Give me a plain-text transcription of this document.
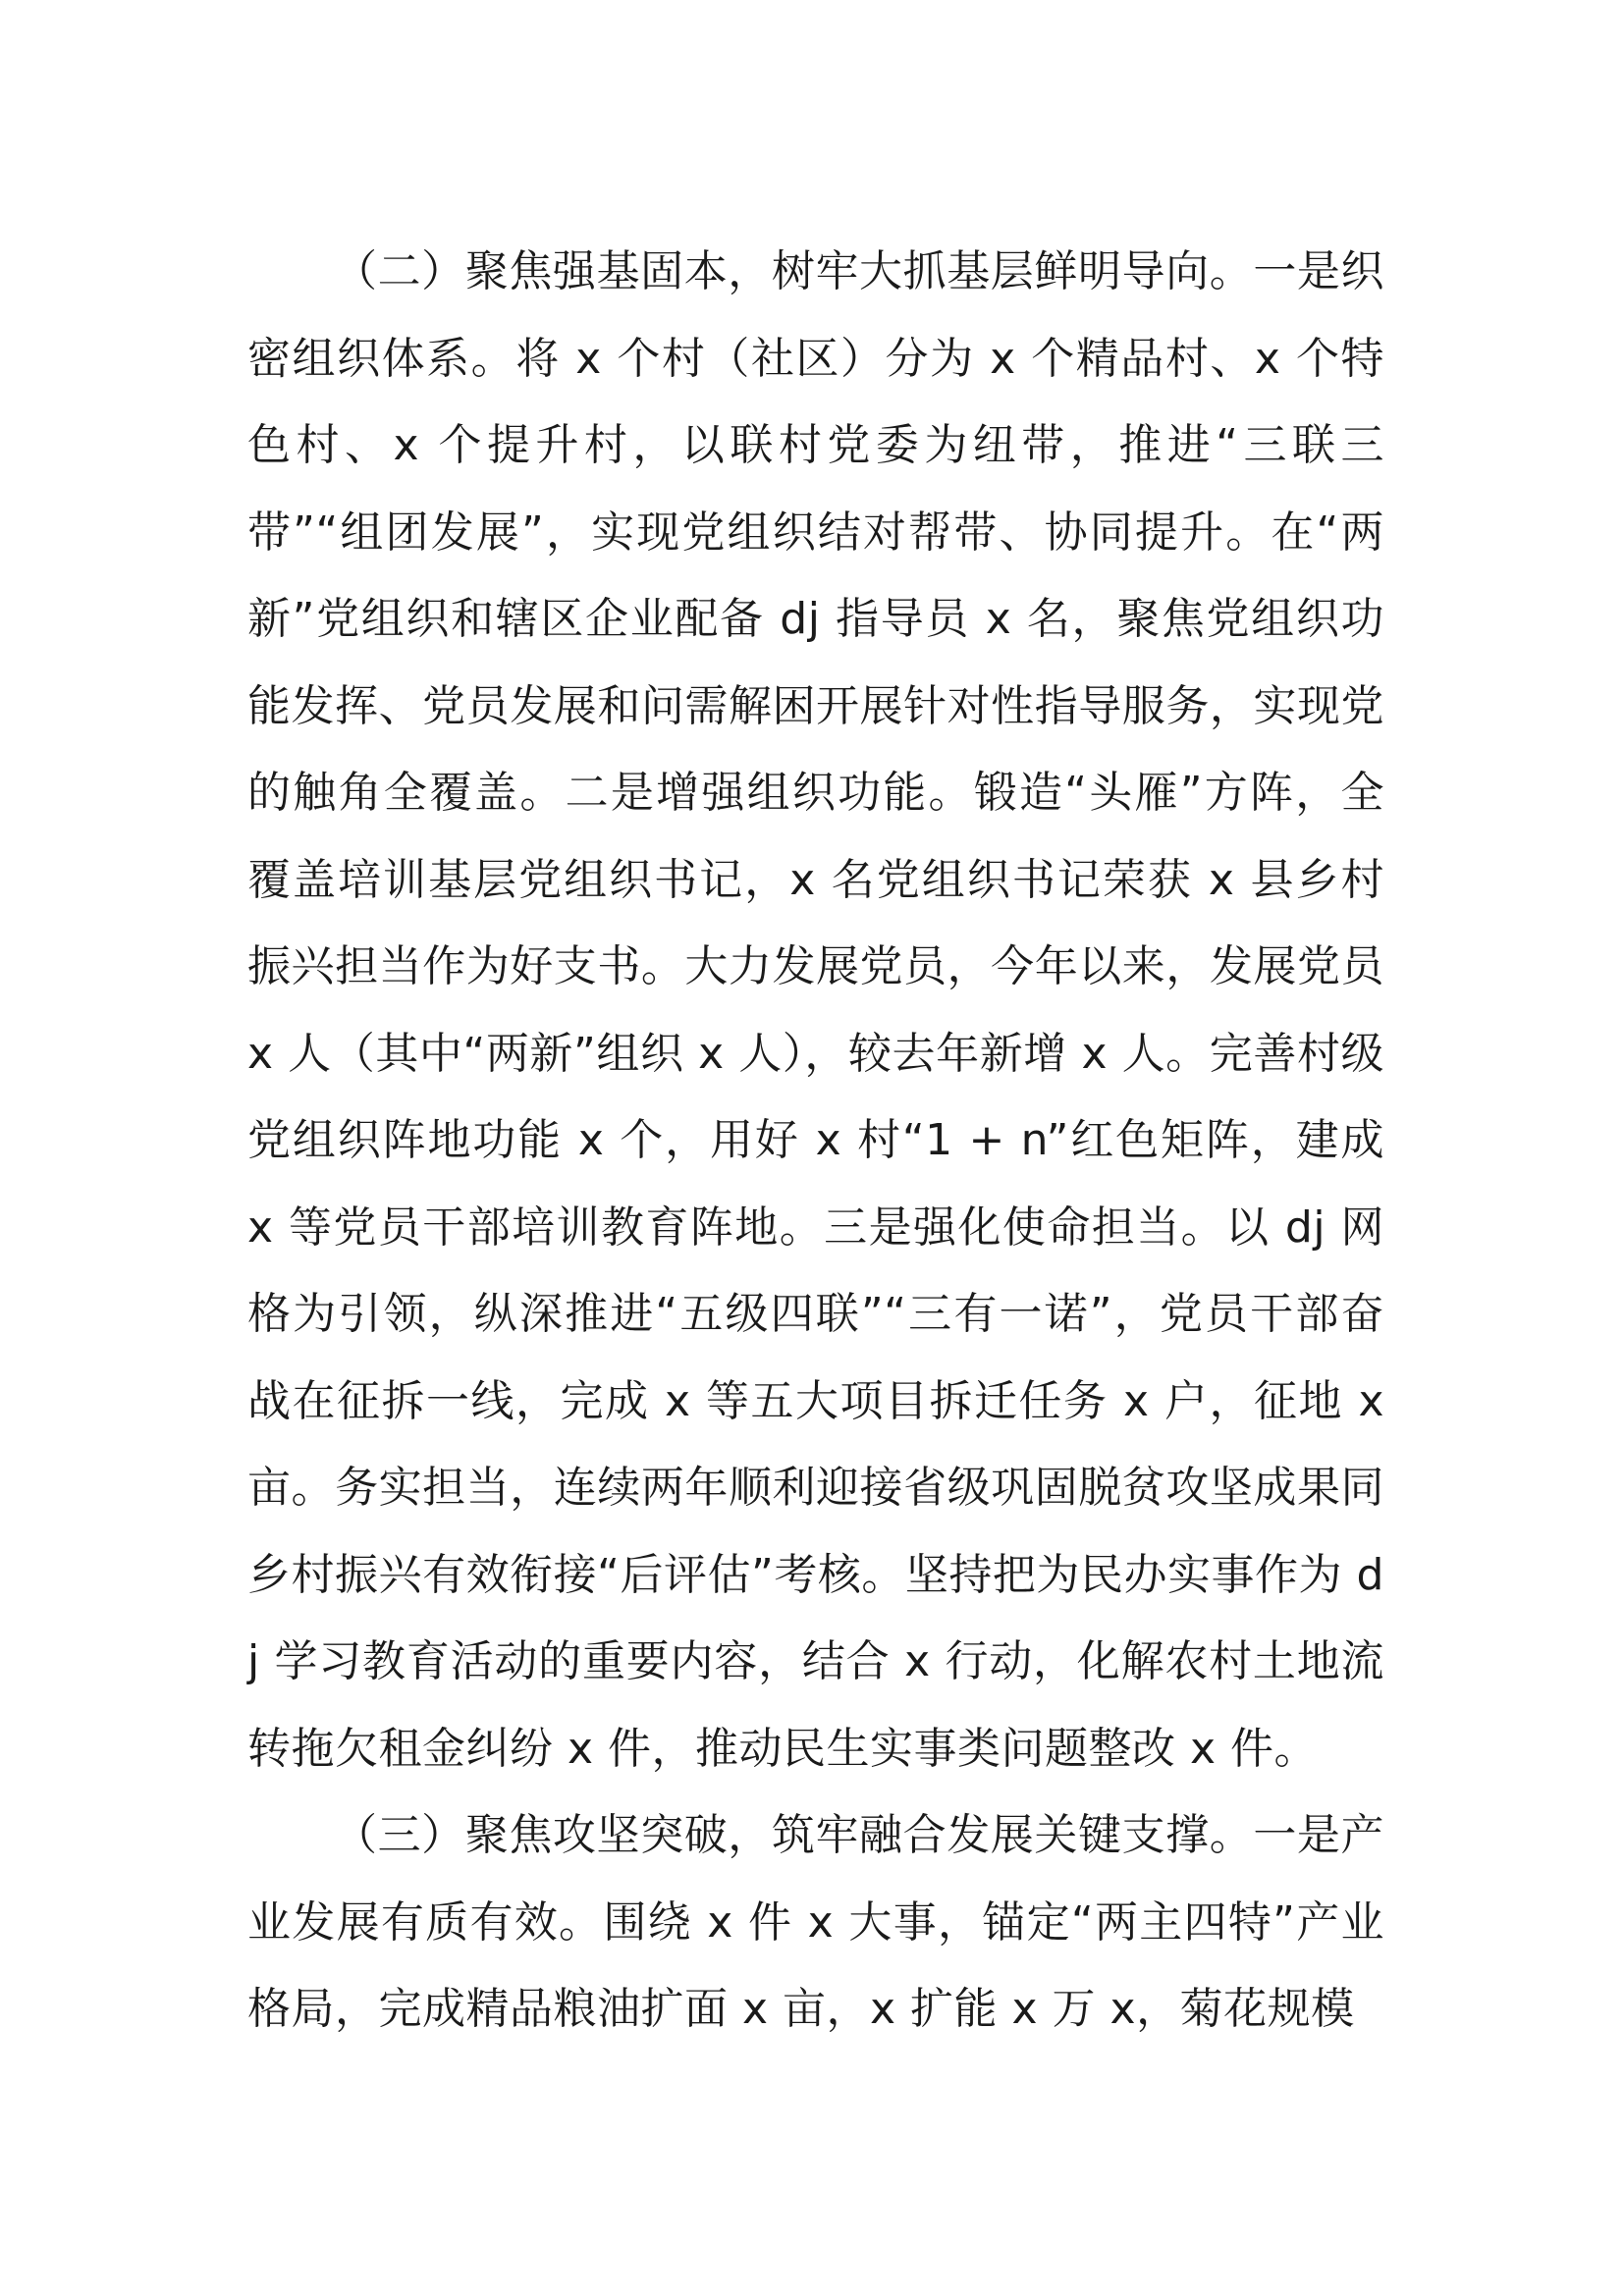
（二）聚焦强基固本，树牢大抓基层鲜明导向。一是织密组织体系。将 x 个村（社区）分为 x 个精品村、x 个特色村、x 个提升村，以联村党委为纽带，推进“三联三带”“组团发展”，实现党组织结对帮带、协同提升。在“两新”党组织和辖区企业配备 dj 指导员 x 名，聚焦党组织功能发挥、党员发展和问需解困开展针对性指导服务，实现党的触角全覆盖。二是增强组织功能。锻造“头雁”方阵，全覆盖培训基层党组织书记，x 名党组织书记荣获 x 县乡村振兴担当作为好支书。大力发展党员，今年以来，发展党员 x 人（其中“两新”组织 x 人），较去年新增 x 人。完善村级党组织阵地功能 x 个，用好 x 村“1 + n”红色矩阵，建成 x 等党员干部培训教育阵地。三是强化使命担当。以 dj 网格为引领，纵深推进“五级四联”“三有一诺”，党员干部奋战在征拆一线，完成 x 等五大项目拆迁任务 x 户，征地 x 亩。务实担当，连续两年顺利迎接省级巩固脱贫攻坚成果同乡村振兴有效衔接“后评估”考核。坚持把为民办实事作为 dj 学习教育活动的重要内容，结合 x 行动，化解农村土地流转拖欠租金纠纷 x 件，推动民生实事类问题整改 x 件。

（三）聚焦攻坚突破，筑牢融合发展关键支撑。一是产业发展有质有效。围绕 x 件 x 大事，锚定“两主四特”产业格局，完成精品粮油扩面 x 亩，x 扩能 x 万 x，菊花规模
